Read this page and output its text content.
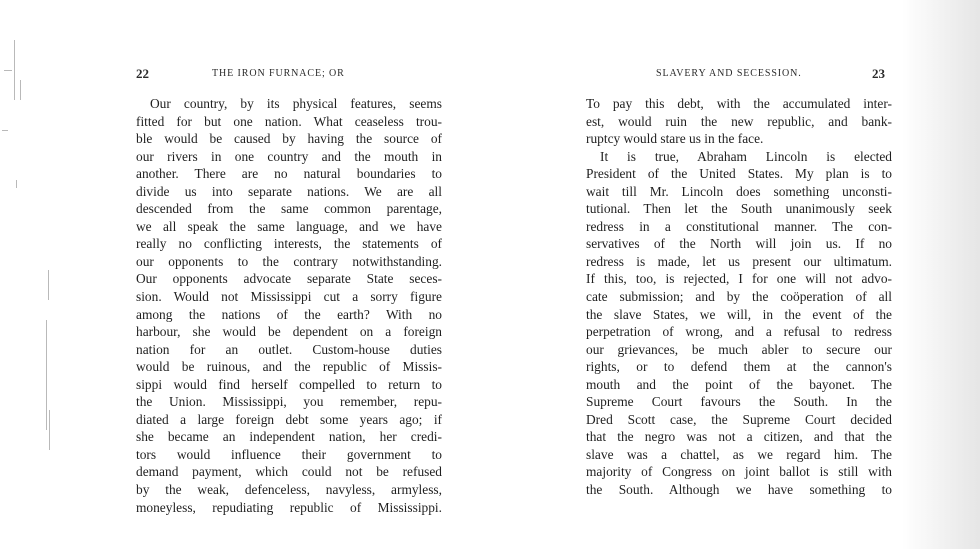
22	THE IRON FURNACE; OR
Our country, by its physical features, seems
fitted for but one nation. What ceaseless trou-
ble would be caused by having the source of
our rivers in one country and the mouth in
another. There are no natural boundaries to
divide us into separate nations. We are all
descended from the same common parentage,
we all speak the same language, and we have
really no conflicting interests, the statements of
our opponents to the contrary notwithstanding.
Our opponents advocate separate State seces-
sion. Would not Mississippi cut a sorry figure
among the nations of the earth? With no
harbour, she would be dependent on a foreign
nation for an outlet. Custom-house duties
would be ruinous, and the republic of Missis-
sippi would find herself compelled to return to
the Union. Mississippi, you remember, repu-
diated a large foreign debt some years ago; if
she became an independent nation, her credi-
tors would influence their government to
demand payment, which could not be refused
by the weak, defenceless, navyless, armyless,
moneyless, repudiating republic of Mississippi.
SLAVERY AND SECESSION.	23
To pay this debt, with the accumulated inter-
est, would ruin the new republic, and bank-
ruptcy would stare us in the face.
It is true, Abraham Lincoln is elected
President of the United States. My plan is to
wait till Mr. Lincoln does something unconsti-
tutional. Then let the South unanimously seek
redress in a constitutional manner. The con-
servatives of the North will join us. If no
redress is made, let us present our ultimatum.
If this, too, is rejected, I for one will not advo-
cate submission; and by the coöperation of all
the slave States, we will, in the event of the
perpetration of wrong, and a refusal to redress
our grievances, be much abler to secure our
rights, or to defend them at the cannon's
mouth and the point of the bayonet. The
Supreme Court favours the South. In the
Dred Scott case, the Supreme Court decided
that the negro was not a citizen, and that the
slave was a chattel, as we regard him. The
majority of Congress on joint ballot is still with
the South. Although we have something to
